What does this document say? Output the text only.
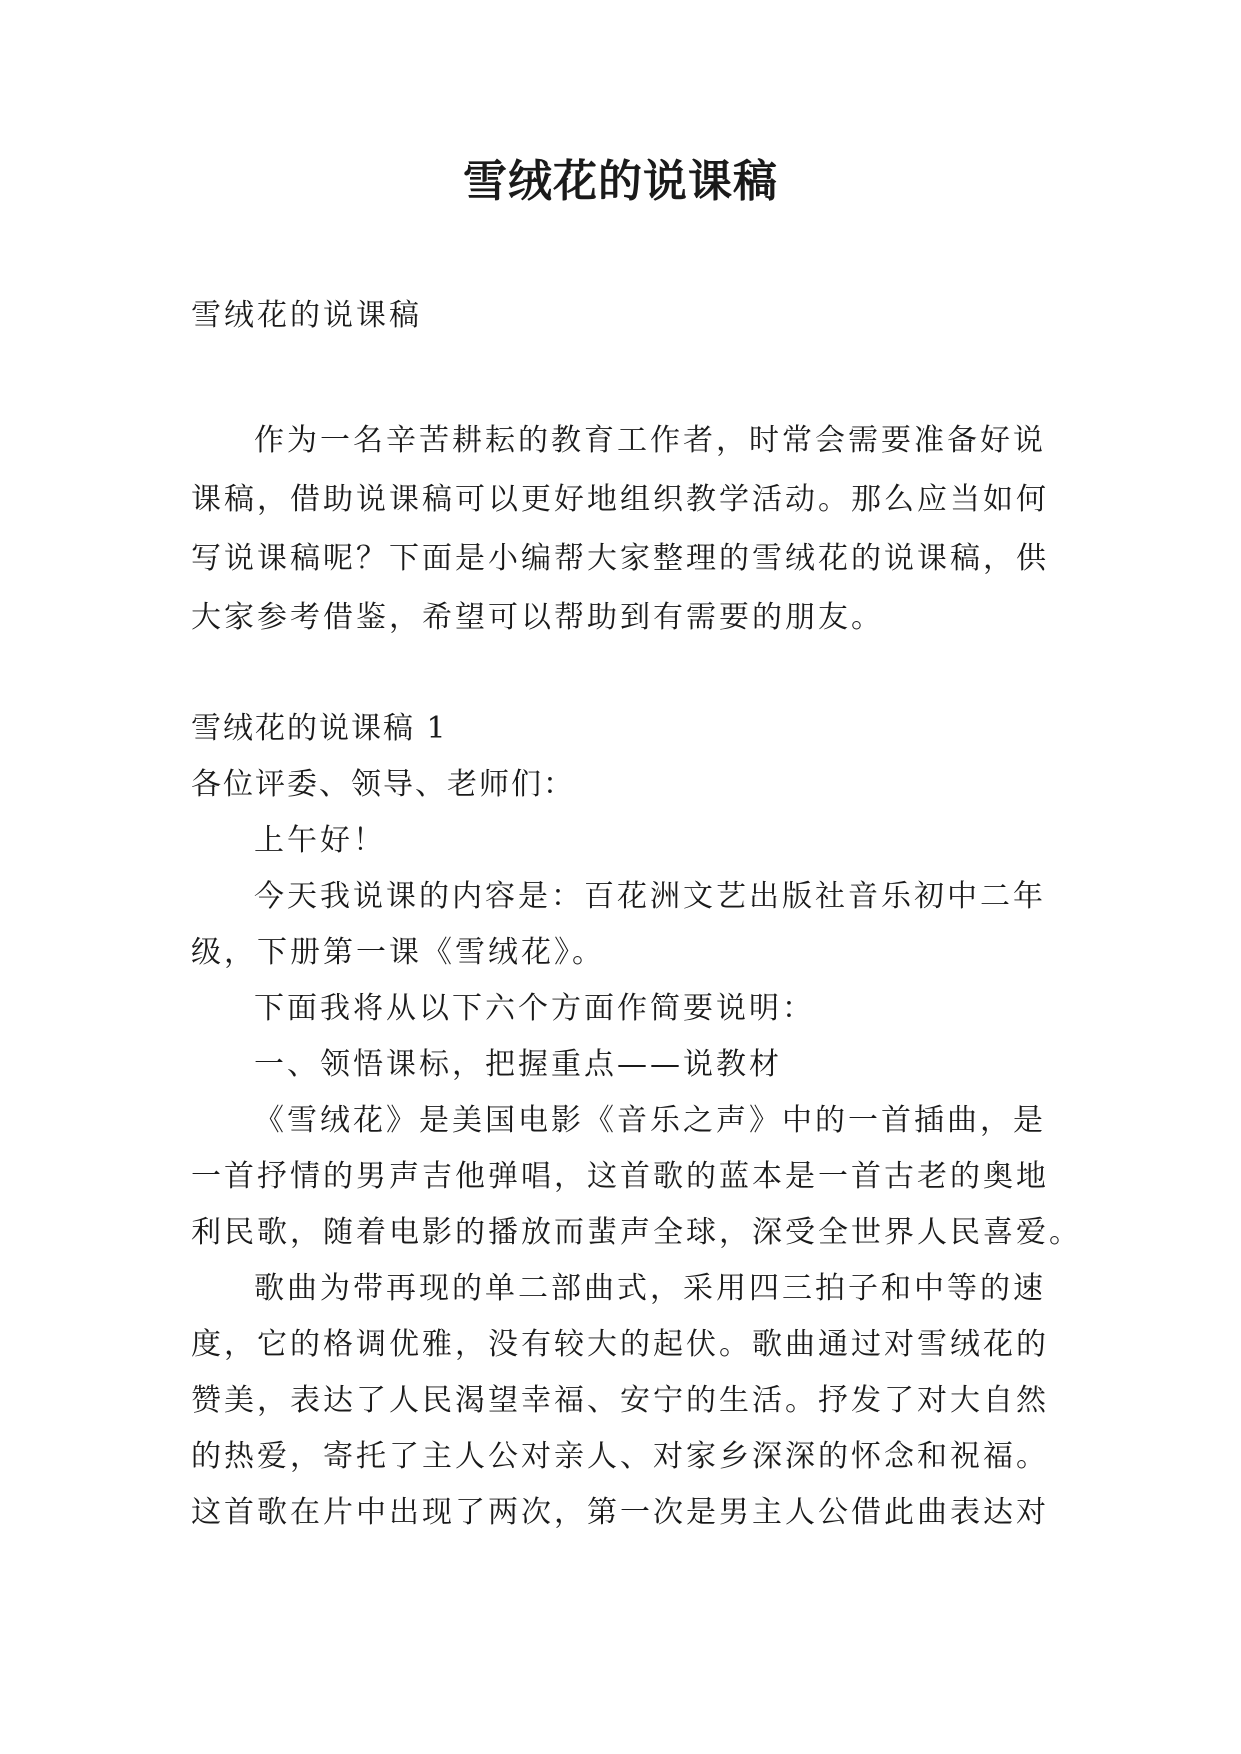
雪绒花的说课稿

雪绒花的说课稿

作为一名辛苦耕耘的教育工作者，时常会需要准备好说

课稿，借助说课稿可以更好地组织教学活动。那么应当如何

写说课稿呢？下面是小编帮大家整理的雪绒花的说课稿，供

大家参考借鉴，希望可以帮助到有需要的朋友。

雪绒花的说课稿 1

各位评委、领导、老师们：

上午好！

今天我说课的内容是：百花洲文艺出版社音乐初中二年

级，下册第一课《雪绒花》。

下面我将从以下六个方面作简要说明：

一、领悟课标，把握重点——说教材

《雪绒花》是美国电影《音乐之声》中的一首插曲，是

一首抒情的男声吉他弹唱，这首歌的蓝本是一首古老的奥地

利民歌，随着电影的播放而蜚声全球，深受全世界人民喜爱。

歌曲为带再现的单二部曲式，采用四三拍子和中等的速

度，它的格调优雅，没有较大的起伏。歌曲通过对雪绒花的

赞美，表达了人民渴望幸福、安宁的生活。抒发了对大自然

的热爱，寄托了主人公对亲人、对家乡深深的怀念和祝福。

这首歌在片中出现了两次，第一次是男主人公借此曲表达对
